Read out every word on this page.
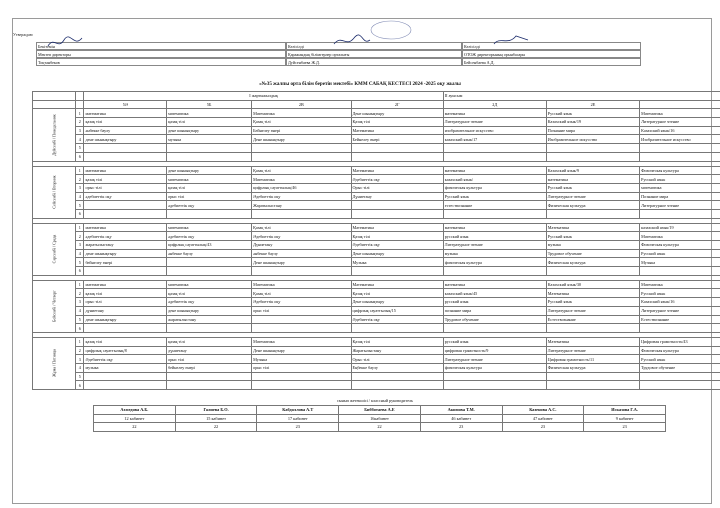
Утверждаю
Бекітемін	Келісілді	Келісілді
Мектеп директоры	Қаражандық білімгерлер орталығы	ОТОЖ директорының орынбасары
Тоқтанбеков	Дуйсенбаева Ж.Д.	Бейсенбаева А.Д.
«№35 жалпы орта білім беретін мектебі» КММ САБАҚ КЕСТЕСІ 2024 -2025 оқу жылы
		I жартыжылдық				II ауысым		
		5Ә	5Б	2В	2Г	2Д	2Е	

Дүйсенбі / Понедельник	1	математика	математика	Математика	Дене шынықтыру	математика	Русский язык	Математика
	2	қазақ тілі	қазақ тілі	Қазақ тілі	Қазақ тілі	Литературное чтение	Казахский язык/19	Литературное чтение
	3	әнбекке баулу	дене шынықтыру	Бейнелеу өнері	Математика	изобразительное искусство	Познание мира	Казахский язык/16
	4	дене шынықтыру	музыка	Дене шынықтыру	Бейнелеу өнері	казахский язык/17	Изобразительное искусство	Изобразительное искусство
	5							
	6							

Сейсенбі / Вторник	1	математика	дене шынықтыру	Қазақ тілі	Математика	математика	Казахский язык/9	Физическая культура
	2	қазақ тілі	математика	Математика	Әдебиеттік оқу	казахский язык/	математика	Русский язык
	3	орыс тілі	қазақ тілі	цифрлық сауаттылық/46	Орыс тілі	физическая культура	Русский язык	математика
	4	әдебиеттік оқу	орыс тілі	Әдебиеттік оқу	Дүниетану	Русский язык	Литературное чтение	Познание мира
	5		әдебиеттік оқу	Жаратылыстану		естествознание	Физическая культура	Литературное чтение
	6							

Сәрсенбі / Среда	1	математика	математика	Қазақ тілі	Математика	математика	Математика	казахский язык/19
	2	әдебиеттік оқу	әдебиеттік оқу	Әдебиеттік оқу	Қазақ тілі	русский язык	Русский язык	Математика
	3	жаратылыстану	цифрлық сауаттылық/43	Дүниетану	Әдебиеттік оқу	Литературное чтение	музыка	Физическая культура
	4	дене шынықтыру	әнбекке баулу	әнбекке баулу	Дене шынықтыру	музыка	Трудовое обучение	Русский язык
	5	бейнелеу өнері		Дене шынықтыру	Музыка	физическая культура	Физическая культура	Музыка
	6							

Бейсенбі / Четверг	1	математика	математика	Математика	Математика	математика	Казахский язык/30	Математика
	2	қазақ тілі	қазақ тілі	Қазақ тілі	Қазақ тілі	казахский язык/45	Математика	Русский язык
	3	орыс тілі	әдебиеттік оқу	Әдебиеттік оқу	Дене шынықтыру	русский язык	Русский язык	Казахский язык/16
	4	дүниетану	дене шынықтыру	орыс тілі	цифрлық сауаттылық/15	познание мира	Литературное чтение	Литературное чтение
	5	дене шынықтыру	жаратылыстану		Әдебиеттік оқу	Трудовое обучение	Естествознание	Естествознание
	6							

Жұма / Пятница	1	қазақ тілі	қазақ тілі	Математика	Қазақ тілі	русский язык	Математика	Цифровая грамотность/43
	2	цифрлық сауаттылық/8	дүниетану	Дене шынықтыру	Жаратылыстану	цифровая грамотность/9	Литературное чтение	Физическая культура
	3	Әдебиеттік оқу	орыс тілі	Музыка	Орыс тілі	Литературное чтение	Цифровая грамотность/11	Русский язык
	4	музыка	бейнелеу өнері	орыс тілі	Еңбекке баулу	физическая культура	Физическая культура	Трудовое обучение
	5							
	6							
сынып жетекшісі / классный руководитель
Ахмедова А.Б.	Галиева Б.О.	Кабдоллова А.Т	Бибботаева А.Е	Акимова Т.М.	Казенова А.С.	Исказова Г.А.
12 кабинет	15 кабинет	17 кабинет	16кабинет	46 кабинет	47 кабинет	9 кабинет
22	22	23	22	23	23	23
